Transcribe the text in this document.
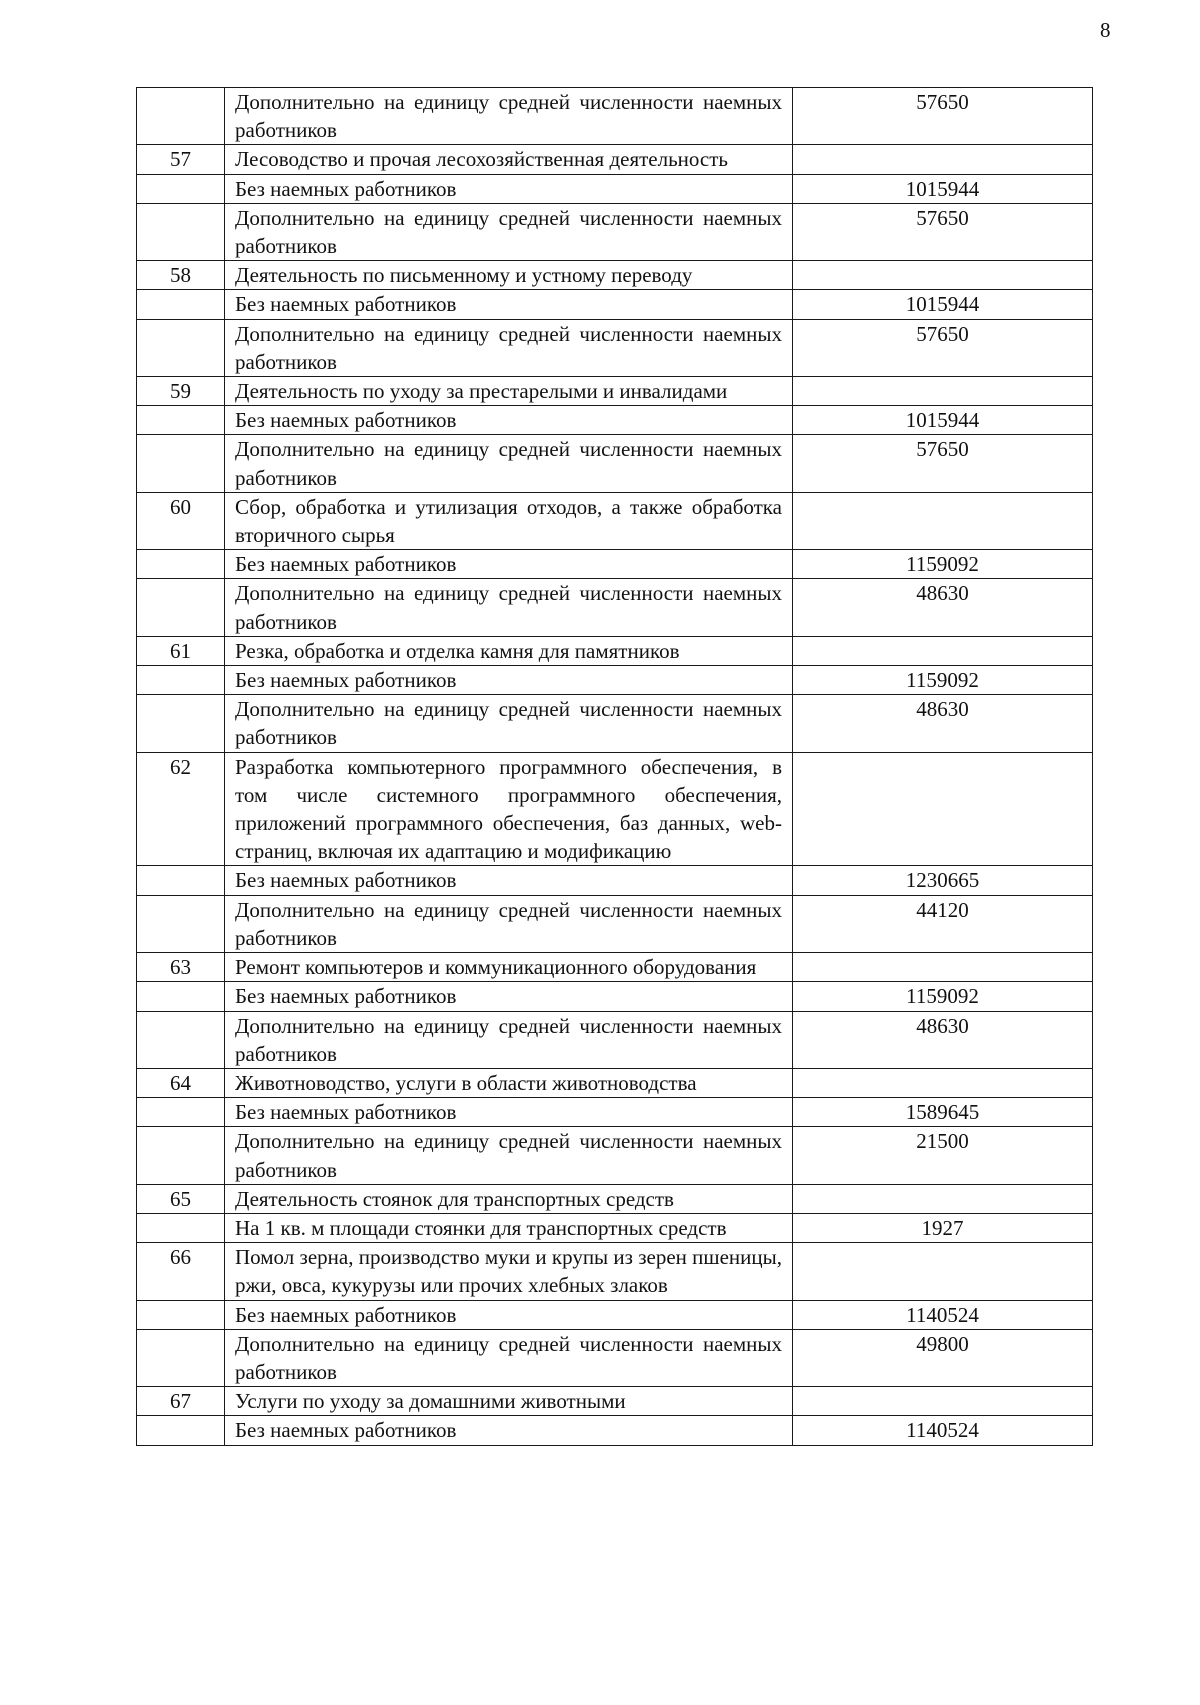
8
	Дополнительно на единицу средней численности наемных работников	57650
57	Лесоводство и прочая лесохозяйственная деятельность	
	Без наемных работников	1015944
	Дополнительно на единицу средней численности наемных работников	57650
58	Деятельность по письменному и устному переводу	
	Без наемных работников	1015944
	Дополнительно на единицу средней численности наемных работников	57650
59	Деятельность по уходу за престарелыми и инвалидами	
	Без наемных работников	1015944
	Дополнительно на единицу средней численности наемных работников	57650
60	Сбор, обработка и утилизация отходов, а также обработка вторичного сырья	
	Без наемных работников	1159092
	Дополнительно на единицу средней численности наемных работников	48630
61	Резка, обработка и отделка камня для памятников	
	Без наемных работников	1159092
	Дополнительно на единицу средней численности наемных работников	48630
62	Разработка компьютерного программного обеспечения, в том числе системного программного обеспечения, приложений программного обеспечения, баз данных, web-страниц, включая их адаптацию и модификацию	
	Без наемных работников	1230665
	Дополнительно на единицу средней численности наемных работников	44120
63	Ремонт компьютеров и коммуникационного оборудования	
	Без наемных работников	1159092
	Дополнительно на единицу средней численности наемных работников	48630
64	Животноводство, услуги в области животноводства	
	Без наемных работников	1589645
	Дополнительно на единицу средней численности наемных работников	21500
65	Деятельность стоянок для транспортных средств	
	На 1 кв. м площади стоянки для транспортных средств	1927
66	Помол зерна, производство муки и крупы из зерен пшеницы, ржи, овса, кукурузы или прочих хлебных злаков	
	Без наемных работников	1140524
	Дополнительно на единицу средней численности наемных работников	49800
67	Услуги по уходу за домашними животными	
	Без наемных работников	1140524
